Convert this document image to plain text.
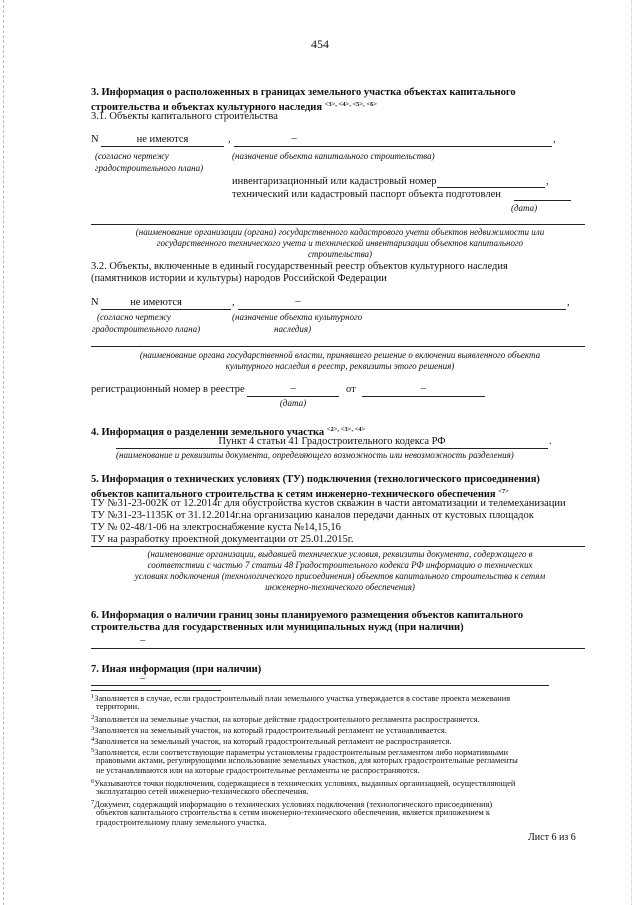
454
3. Информация о расположенных в границах земельного участка объектах капитального
строительства и объектах культурного наследия $^{<3>, <4>, <5>, <6>}$
3.1. Объекты капитального строительства
N	не имеются	,	–	,
(согласно чертежу
градостроительного плана)
(назначение объекта капитального строительства)
инвентаризационный или кадастровый номер	,
технический или кадастровый паспорт объекта подготовлен
(дата)
(наименование организации (органа) государственного кадастрового учета объектов недвижимости или
государственного технического учета и технической инвентаризации объектов капитального
строительства)
3.2. Объекты, включенные в единый государственный реестр объектов культурного наследия
(памятников истории и культуры) народов Российской Федерации
N	не имеются	,	–	,
(согласно чертежу
градостроительного плана)
(назначение объекта культурного
наследия)
(наименование органа государственной власти, принявшего решение о включении выявленного объекта
культурного наследия в реестр, реквизиты этого решения)
регистрационный номер в реестре	–	от	–
(дата)
4. Информация о разделении земельного участка $^{<2>, <3>, <4>}$
Пункт 4 статьи 41 Градостроительного кодекса РФ	.
(наименование и реквизиты документа, определяющего возможность или невозможность разделения)
5. Информация о технических условиях (ТУ) подключения (технологического присоединения)
объектов капитального строительства к сетям инженерно-технического обеспечения $^{<7>}$
ТУ №31-23-002К от 12.2014г для обустройства кустов скважин в части автоматизации и телемеханизации
ТУ №31-23-1135К от 31.12.2014г.на организацию каналов передачи данных от кустовых площадок
ТУ № 02-48/1-06 на электроснабжение куста №14,15,16
ТУ на разработку проектной документации от 25.01.2015г.
(наименование организации, выдавшей технические условия, реквизиты документа, содержащего в
соответствии с частью 7 статьи 48 Градостроительного кодекса РФ информацию о технических
условиях подключения (технологического присоединения) объектов капитального строительства к сетям
инженерно-технического обеспечения)
6. Информация о наличии границ зоны планируемого размещения объектов капитального
строительства для государственных или муниципальных нужд (при наличии)
–
7. Иная информация (при наличии)
–
$^1$Заполняется в случае, если градостроительный план земельного участка утверждается в составе проекта межевания
территории.
$^2$Заполняется на земельные участки, на которые действие градостроительного регламента распространяется.
$^3$Заполняется на земельный участок, на который градостроительный регламент не устанавливается.
$^4$Заполняется на земельный участок, на который градостроительный регламент не распространяется.
$^5$Заполняется, если соответствующие параметры установлены градостроительным регламентом либо нормативными
правовыми актами, регулирующими использование земельных участков, для которых градостроительные регламенты
не устанавливаются или на которые градостроительные регламенты не распространяются.
$^6$Указываются точки подключения, содержащиеся в технических условиях, выданных организацией, осуществляющей
эксплуатацию сетей инженерно-технического обеспечения.
$^7$Документ, содержащий информацию о технических условиях подключения (технологического присоединения)
объектов капитального строительства к сетям инженерно-технического обеспечения, является приложением к
градостроительному плану земельного участка.
Лист 6 из 6
